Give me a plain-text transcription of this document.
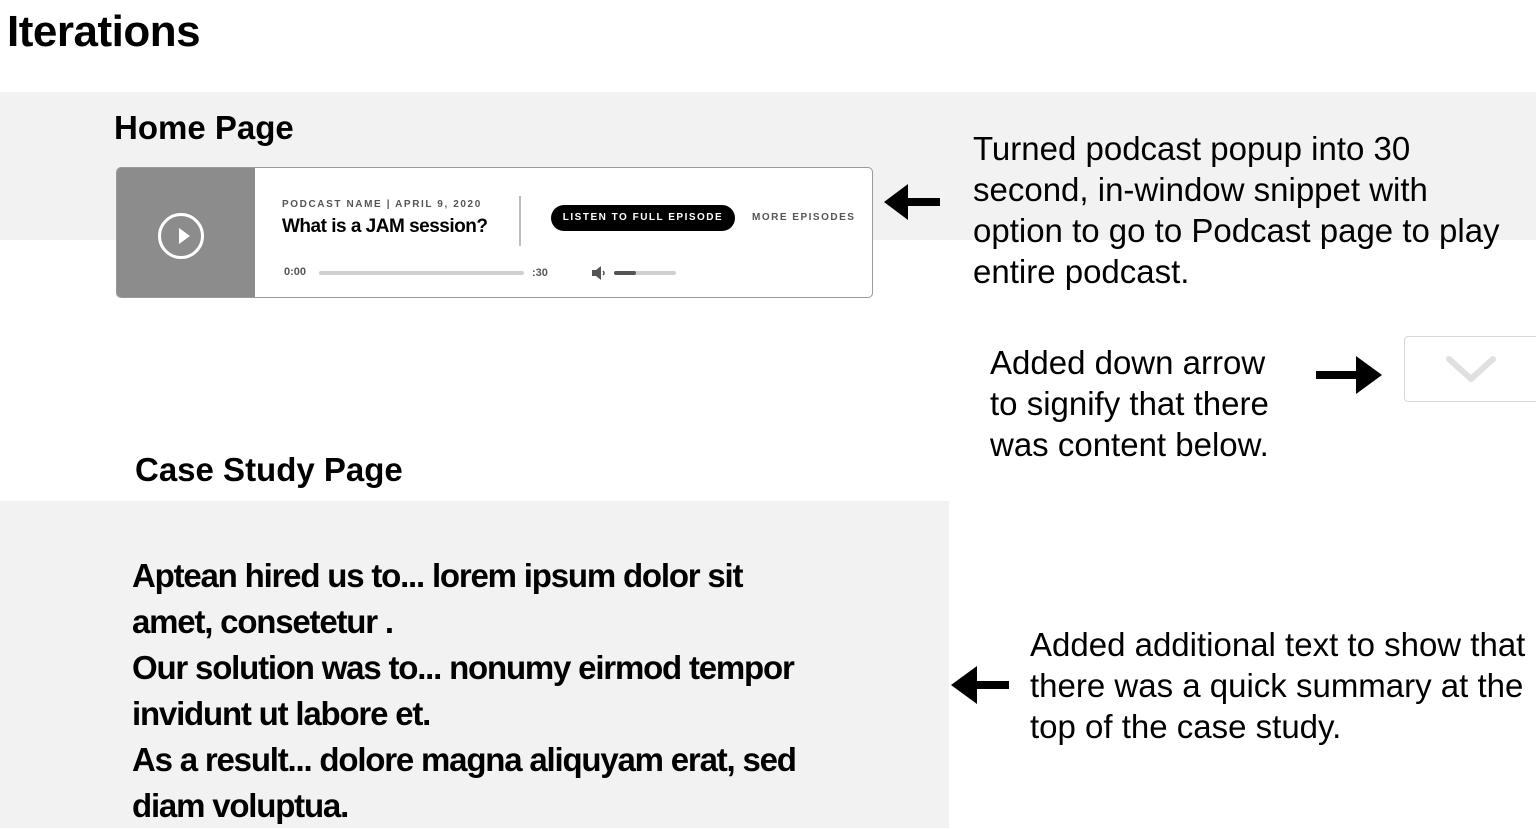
Iterations
Home Page
PODCAST NAME | APRIL 9, 2020
What is a JAM session?	LISTEN TO FULL EPISODE	MORE EPISODES
0:00	:30
Turned podcast popup into 30 second, in-window snippet with option to go to Podcast page to play entire podcast.
Added down arrow to signify that there was content below.
Case Study Page
Aptean hired us to... lorem ipsum dolor sit
amet, consetetur .
Our solution was to... nonumy eirmod tempor
invidunt ut labore et.
As a result... dolore magna aliquyam erat, sed
diam voluptua.
Added additional text to show that there was a quick summary at the top of the case study.
